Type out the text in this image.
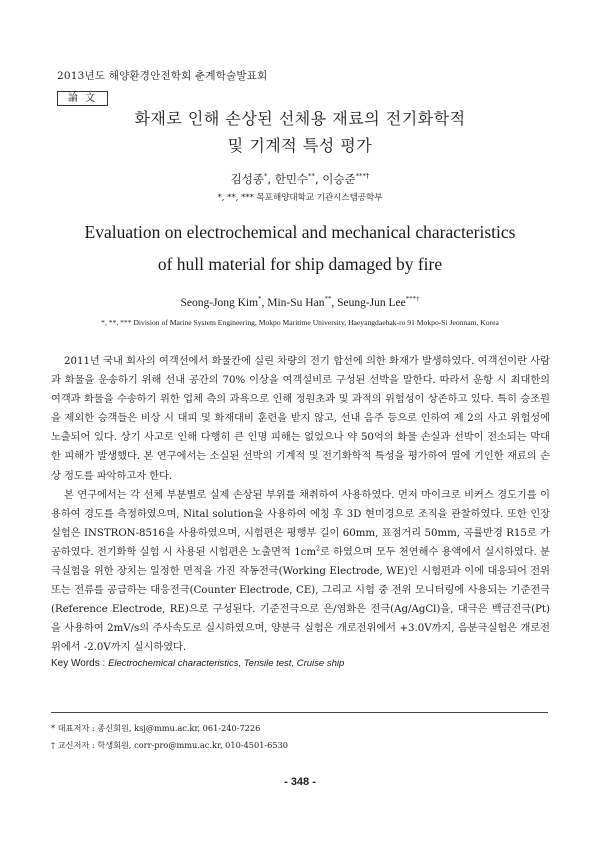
2013년도 해양환경안전학회 춘계학술발표회
論 文
화재로 인해 손상된 선체용 재료의 전기화학적
및 기계적 특성 평가
김성종*, 한민수**, 이승준***†
*, **, *** 목포해양대학교 기관시스템공학부
Evaluation on electrochemical and mechanical characteristics
of hull material for ship damaged by fire
Seong-Jong Kim*, Min-Su Han**, Seung-Jun Lee***†
*, **, *** Division of Marine System Engineering, Mokpo Maritime University, Haeyangdaehak-ro 91 Mokpo-Si Jeonnam, Korea

2011년 국내 회사의 여객선에서 화물칸에 실린 차량의 전기 합선에 의한 화재가 발생하였다. 여객선이란 사람과 화물을 운송하기 위해 선내 공간의 70% 이상을 여객설비로 구성된 선박을 말한다. 따라서 운항 시 최대한의 여객과 화물을 수송하기 위한 업체 측의 과욕으로 인해 정원초과 및 과적의 위험성이 상존하고 있다. 특히 승조원을 제외한 승객들은 비상 시 대피 및 화재대비 훈련을 받지 않고, 선내 음주 등으로 인하여 제 2의 사고 위험성에 노출되어 있다. 상기 사고로 인해 다행히 큰 인명 피해는 없었으나 약 50억의 화물 손실과 선박이 전소되는 막대한 피해가 발생했다. 본 연구에서는 소실된 선박의 기계적 및 전기화학적 특성을 평가하여 열에 기인한 재료의 손상 정도를 파악하고자 한다.

본 연구에서는 각 선체 부분별로 실제 손상된 부위를 채취하여 사용하였다. 먼저 마이크로 비커스 경도기를 이용하여 경도를 측정하였으며, Nital solution을 사용하여 에칭 후 3D 현미경으로 조직을 관찰하였다. 또한 인장실험은 INSTRON-8516을 사용하였으며, 시험편은 평행부 길이 60mm, 표점거리 50mm, 곡률반경 R15로 가공하였다. 전기화학 실험 시 사용된 시험편은 노출면적 $1cm^2$로 하였으며 모두 천연해수 용액에서 실시하였다. 분극실험을 위한 장치는 일정한 면적을 가진 작동전극(Working Electrode, WE)인 시험편과 이에 대응되어 전위 또는 전류를 공급하는 대응전극(Counter Electrode, CE), 그리고 시험 중 전위 모니터링에 사용되는 기준전극(Reference Electrode, RE)으로 구성된다. 기준전극으로 은/염화은 전극(Ag/AgCl)을, 대극은 백금전극(Pt)을 사용하여 2mV/s의 주사속도로 실시하였으며, 양분극 실험은 개로전위에서 +3.0V까지, 음분극실험은 개로전위에서 -2.0V까지 실시하였다.

Key Words : Electrochemical characteristics, Tensile test, Cruise ship
* 대표저자 : 종신회원, ksj@mmu.ac.kr, 061-240-7226
† 교신저자 : 학생회원, corr-pro@mmu.ac.kr, 010-4501-6530
- 348 -
